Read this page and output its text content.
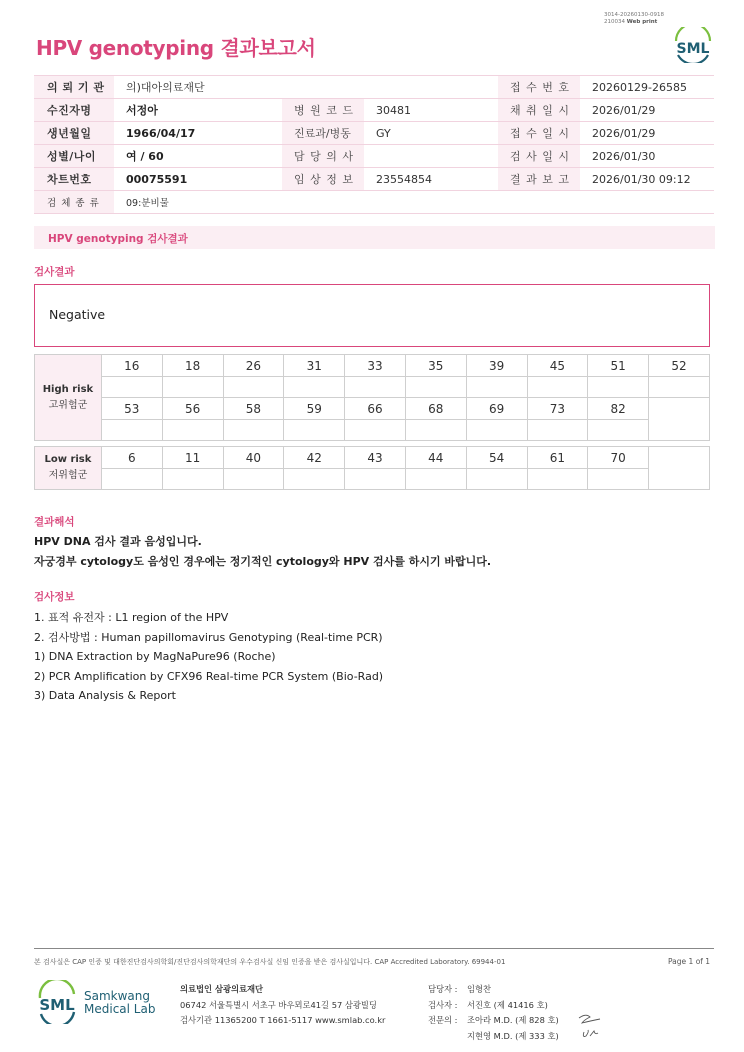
3014-20260130-0918
210034 Web print
HPV genotyping 결과보고서	SML
의 뢰 기 관	의)대아의료재단			접 수 번 호	20260129-26585
수진자명	서정아	병 원 코 드	30481	채 취 일 시	2026/01/29
생년월일	1966/04/17	진료과/병동	GY	접 수 일 시	2026/01/29
성별/나이	여 / 60	담 당 의 사		검 사 일 시	2026/01/30
차트번호	00075591	임 상 정 보	23554854	결 과 보 고	2026/01/30 09:12
검 체 종 류	09:분비물				
HPV genotyping 검사결과
검사결과
Negative
High risk
고위험군	16	18	26	31	33	35	39	45	51	52

	53	56	58	59	66	68	69	73	82	

Low risk
저위험군	6	11	40	42	43	44	54	61	70	

결과해석
HPV DNA 검사 결과 음성입니다.
자궁경부 cytology도 음성인 경우에는 정기적인 cytology와 HPV 검사를 하시기 바랍니다.
검사정보
1. 표적 유전자 : L1 region of the HPV
2. 검사방법 : Human papillomavirus Genotyping (Real-time PCR)
1) DNA Extraction by MagNaPure96 (Roche)
2) PCR Amplification by CFX96 Real-time PCR System (Bio-Rad)
3) Data Analysis & Report
본 검사실은 CAP 인증 및 대한진단검사의학회/진단검사의학재단의 우수검사실 신임 인증을 받은 검사실입니다. CAP Accredited Laboratory. 69944-01	Page 1 of 1
SML Samkwang
Medical Lab
의료법인 삼광의료재단
06742 서울특별시 서초구 바우뫼로41길 57 삼광빌딩
검사기관 11365200 T 1661-5117 www.smlab.co.kr
담당자 :	임형찬
검사자 :	서진호 (제 41416 호)
전문의 :	조아라 M.D. (제 828 호)
지현영 M.D. (제 333 호)
